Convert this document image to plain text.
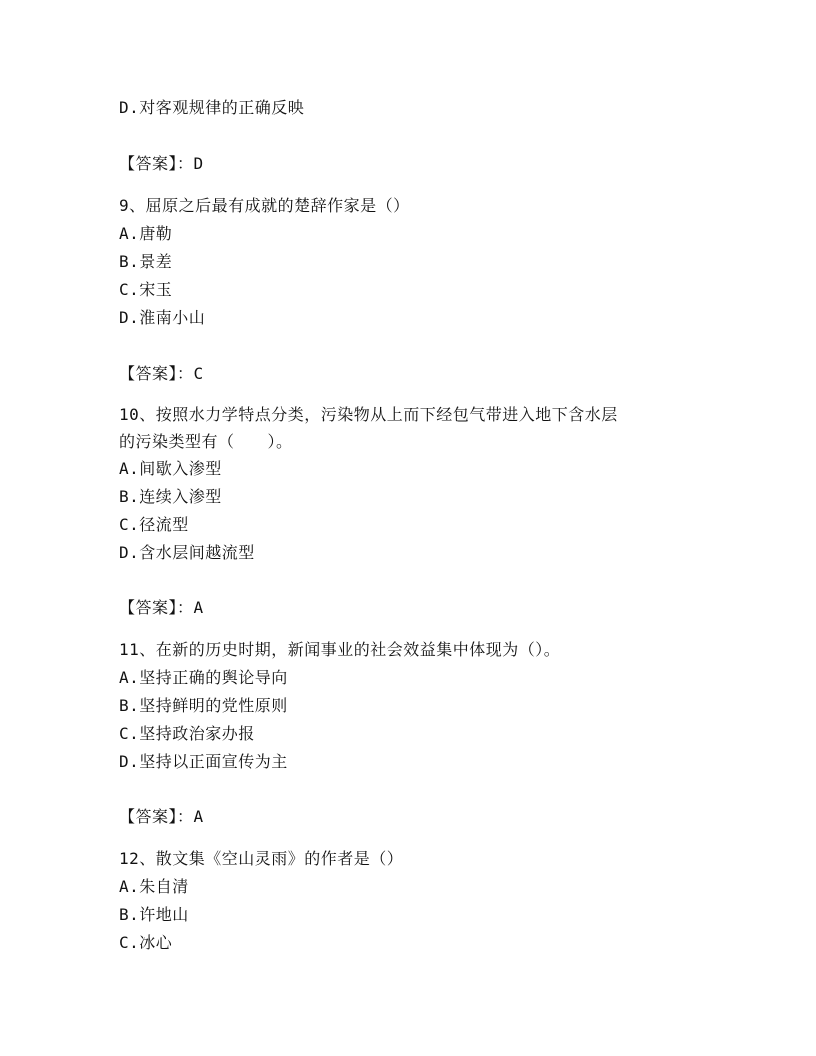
D.对客观规律的正确反映
【答案】：D
9、屈原之后最有成就的楚辞作家是（）
A.唐勒
B.景差
C.宋玉
D.淮南小山
【答案】：C
10、按照水力学特点分类，污染物从上而下经包气带进入地下含水层
的污染类型有（　　）。
A.间歇入渗型
B.连续入渗型
C.径流型
D.含水层间越流型
【答案】：A
11、在新的历史时期，新闻事业的社会效益集中体现为（）。
A.坚持正确的舆论导向
B.坚持鲜明的党性原则
C.坚持政治家办报
D.坚持以正面宣传为主
【答案】：A
12、散文集《空山灵雨》的作者是（）
A.朱自清
B.许地山
C.冰心
